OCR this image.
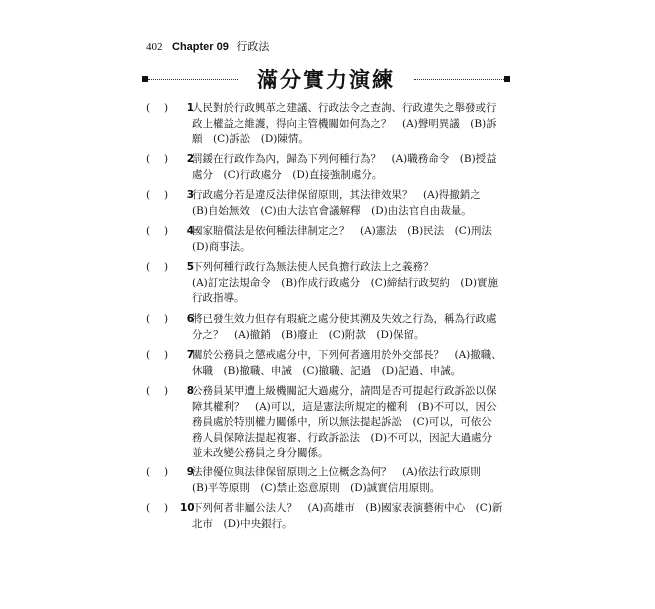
402 Chapter 09 行政法
滿分實力演練
1
人民對於行政興革之建議、行政法令之查詢、行政違失之舉發或行
政上權益之維護，得向主管機關如何為之？　(A)聲明異議　(B)訴
願　(C)訴訟　(D)陳情。
2
罰鍰在行政作為內，歸為下列何種行為？　(A)職務命令　(B)授益
處分　(C)行政處分　(D)直接強制處分。
3
行政處分若是違反法律保留原則，其法律效果？　(A)得撤銷之
(B)自始無效　(C)由大法官會議解釋　(D)由法官自由裁量。
4
國家賠償法是依何種法律制定之？　(A)憲法　(B)民法　(C)刑法
(D)商事法。
5
下列何種行政行為無法使人民負擔行政法上之義務？
(A)訂定法規命令　(B)作成行政處分　(C)締結行政契約　(D)實施
行政指導。
6
將已發生效力但存有瑕疵之處分使其溯及失效之行為，稱為行政處
分之？　(A)撤銷　(B)廢止　(C)附款　(D)保留。
7
關於公務員之懲戒處分中，下列何者適用於外交部長？　(A)撤職、
休職　(B)撤職、申誡　(C)撤職、記過　(D)記過、申誡。
8
公務員某甲遭上級機關記大過處分，請問是否可提起行政訴訟以保
障其權利？　(A)可以，這是憲法所規定的權利　(B)不可以，因公
務員處於特別權力關係中，所以無法提起訴訟　(C)可以，可依公
務人員保障法提起複審、行政訴訟法　(D)不可以，因記大過處分
並未改變公務員之身分關係。
9
法律優位與法律保留原則之上位概念為何？　(A)依法行政原則
(B)平等原則　(C)禁止恣意原則　(D)誠實信用原則。
10
下列何者非屬公法人？　(A)高雄市　(B)國家表演藝術中心　(C)新
北市　(D)中央銀行。
